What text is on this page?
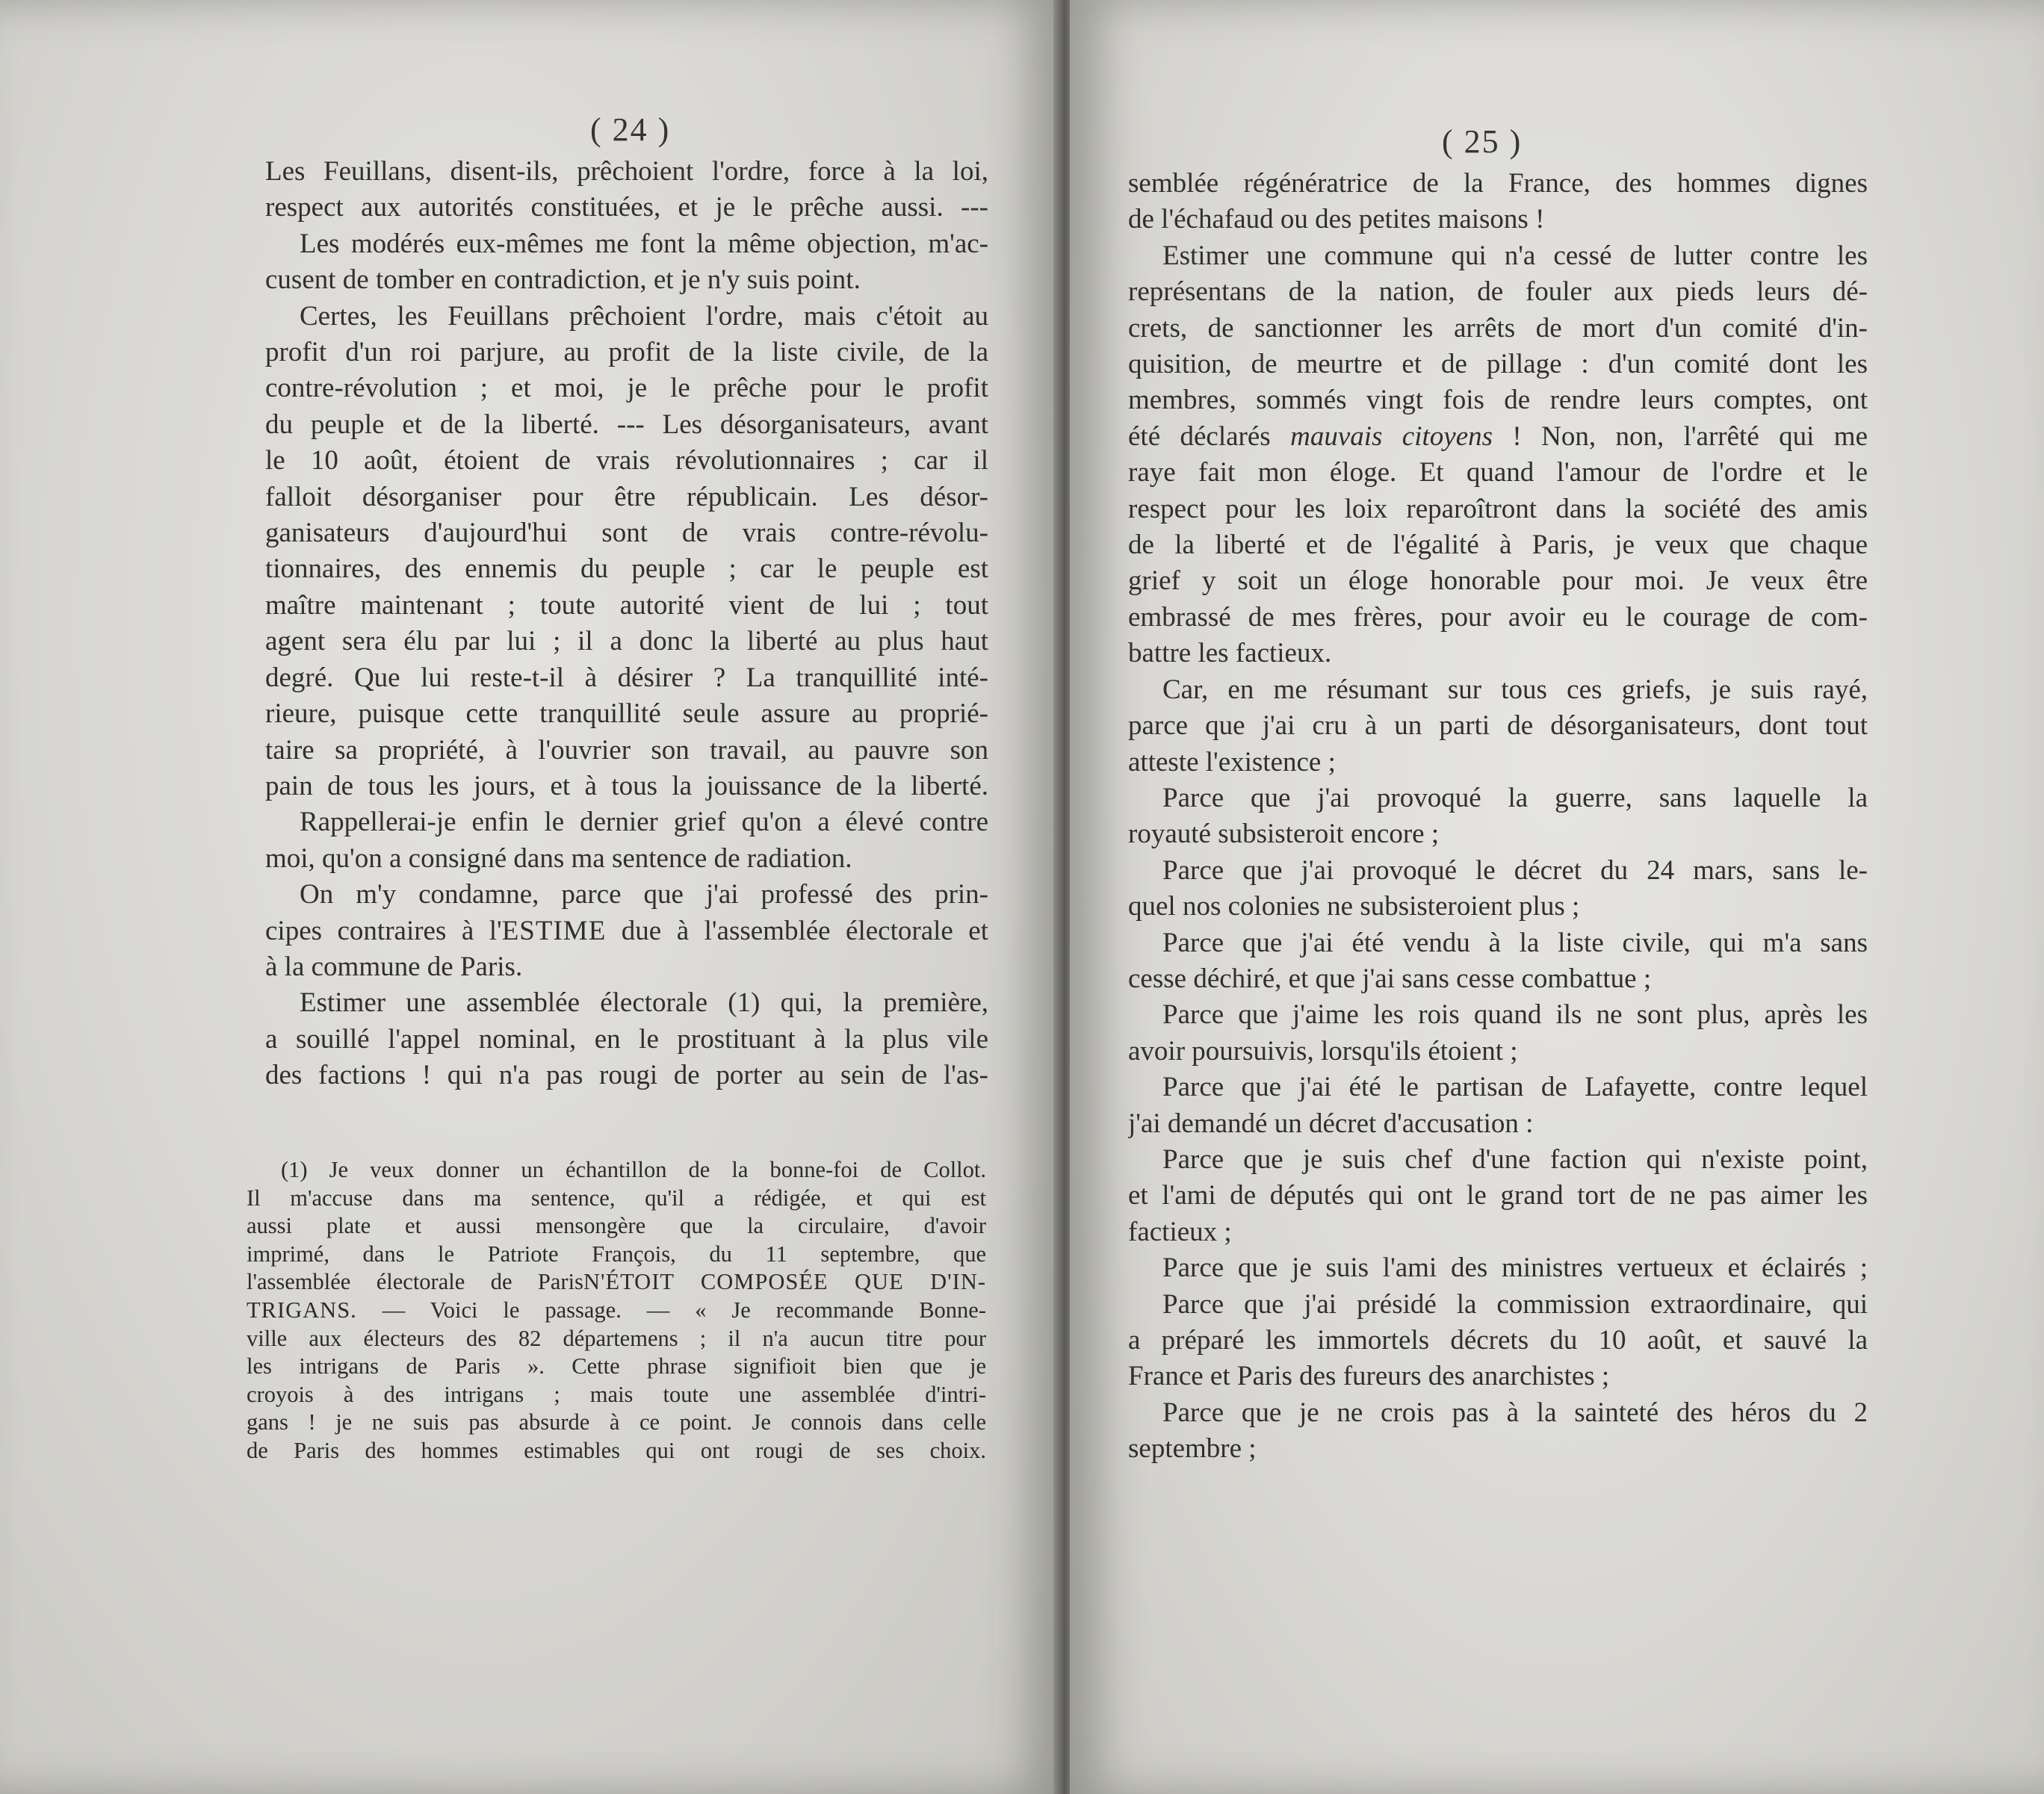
( 24 )
Les Feuillans, disent-ils, prêchoient l'ordre, force à la loi,
respect aux autorités constituées, et je le prêche aussi. ---
Les modérés eux-mêmes me font la même objection, m'ac-
cusent de tomber en contradiction, et je n'y suis point.
Certes, les Feuillans prêchoient l'ordre, mais c'étoit au
profit d'un roi parjure, au profit de la liste civile, de la
contre-révolution ; et moi, je le prêche pour le profit
du peuple et de la liberté. --- Les désorganisateurs, avant
le 10 août, étoient de vrais révolutionnaires ; car il
falloit désorganiser pour être républicain. Les désor-
ganisateurs d'aujourd'hui sont de vrais contre-révolu-
tionnaires, des ennemis du peuple ; car le peuple est
maître maintenant ; toute autorité vient de lui ; tout
agent sera élu par lui ; il a donc la liberté au plus haut
degré. Que lui reste-t-il à désirer ? La tranquillité inté-
rieure, puisque cette tranquillité seule assure au proprié-
taire sa propriété, à l'ouvrier son travail, au pauvre son
pain de tous les jours, et à tous la jouissance de la liberté.
Rappellerai-je enfin le dernier grief qu'on a élevé contre
moi, qu'on a consigné dans ma sentence de radiation.
On m'y condamne, parce que j'ai professé des prin-
cipes contraires à l'ESTIME due à l'assemblée électorale et
à la commune de Paris.
Estimer une assemblée électorale (1) qui, la première,
a souillé l'appel nominal, en le prostituant à la plus vile
des factions ! qui n'a pas rougi de porter au sein de l'as-
(1) Je veux donner un échantillon de la bonne-foi de Collot.
Il m'accuse dans ma sentence, qu'il a rédigée, et qui est
aussi plate et aussi mensongère que la circulaire, d'avoir
imprimé, dans le Patriote François, du 11 septembre, que
l'assemblée électorale de ParisN'ÉTOIT COMPOSÉE QUE D'IN-
TRIGANS. — Voici le passage. — « Je recommande Bonne-
ville aux électeurs des 82 départemens ; il n'a aucun titre pour
les intrigans de Paris ». Cette phrase signifioit bien que je
croyois à des intrigans ; mais toute une assemblée d'intri-
gans ! je ne suis pas absurde à ce point. Je connois dans celle
de Paris des hommes estimables qui ont rougi de ses choix.
( 25 )
semblée régénératrice de la France, des hommes dignes
de l'échafaud ou des petites maisons !
Estimer une commune qui n'a cessé de lutter contre les
représentans de la nation, de fouler aux pieds leurs dé-
crets, de sanctionner les arrêts de mort d'un comité d'in-
quisition, de meurtre et de pillage : d'un comité dont les
membres, sommés vingt fois de rendre leurs comptes, ont
été déclarés mauvais citoyens ! Non, non, l'arrêté qui me
raye fait mon éloge. Et quand l'amour de l'ordre et le
respect pour les loix reparoîtront dans la société des amis
de la liberté et de l'égalité à Paris, je veux que chaque
grief y soit un éloge honorable pour moi. Je veux être
embrassé de mes frères, pour avoir eu le courage de com-
battre les factieux.
Car, en me résumant sur tous ces griefs, je suis rayé,
parce que j'ai cru à un parti de désorganisateurs, dont tout
atteste l'existence ;
Parce que j'ai provoqué la guerre, sans laquelle la
royauté subsisteroit encore ;
Parce que j'ai provoqué le décret du 24 mars, sans le-
quel nos colonies ne subsisteroient plus ;
Parce que j'ai été vendu à la liste civile, qui m'a sans
cesse déchiré, et que j'ai sans cesse combattue ;
Parce que j'aime les rois quand ils ne sont plus, après les
avoir poursuivis, lorsqu'ils étoient ;
Parce que j'ai été le partisan de Lafayette, contre lequel
j'ai demandé un décret d'accusation :
Parce que je suis chef d'une faction qui n'existe point,
et l'ami de députés qui ont le grand tort de ne pas aimer les
factieux ;
Parce que je suis l'ami des ministres vertueux et éclairés ;
Parce que j'ai présidé la commission extraordinaire, qui
a préparé les immortels décrets du 10 août, et sauvé la
France et Paris des fureurs des anarchistes ;
Parce que je ne crois pas à la sainteté des héros du 2
septembre ;
